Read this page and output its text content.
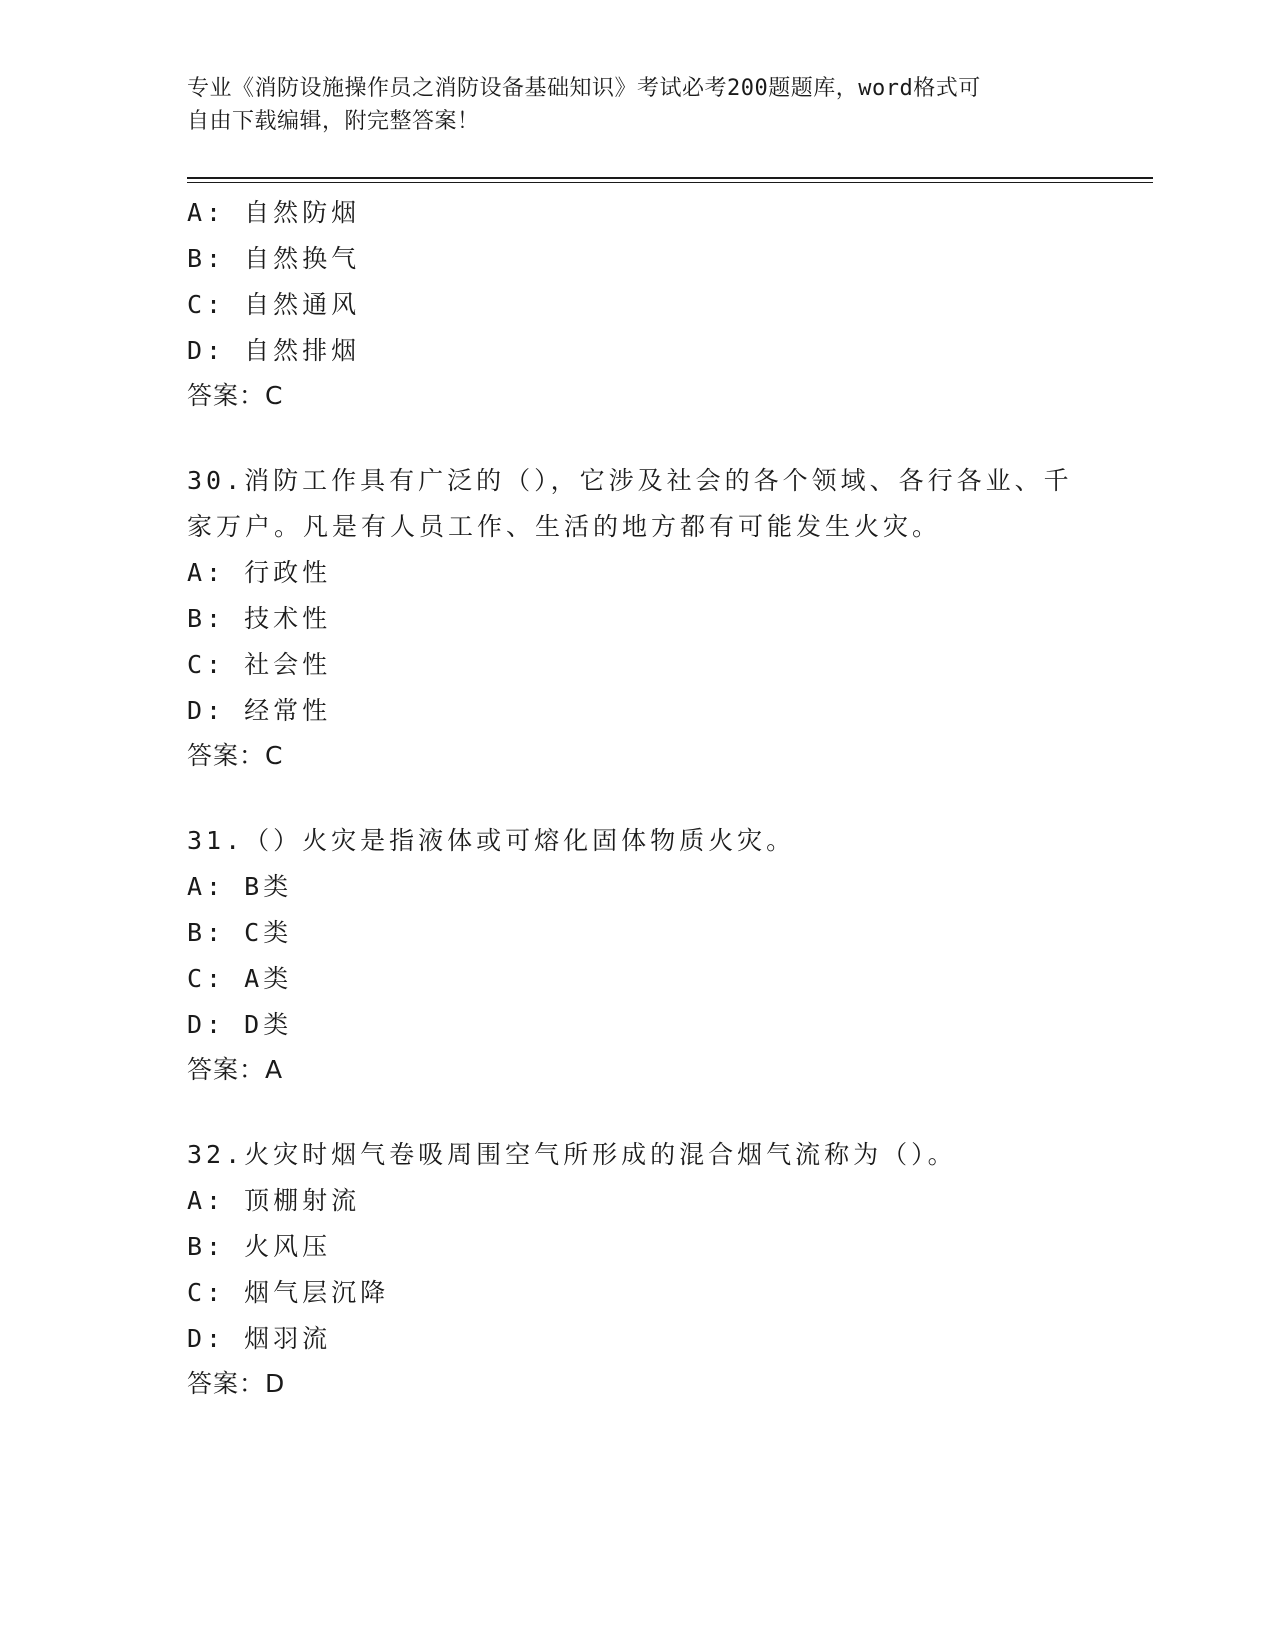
专业《消防设施操作员之消防设备基础知识》考试必考200题题库，word格式可
自由下载编辑，附完整答案！
A: 自然防烟
B: 自然换气
C: 自然通风
D: 自然排烟
答案：C
30.消防工作具有广泛的（），它涉及社会的各个领域、各行各业、千
家万户。凡是有人员工作、生活的地方都有可能发生火灾。
A: 行政性
B: 技术性
C: 社会性
D: 经常性
答案：C
31.（）火灾是指液体或可熔化固体物质火灾。
A: B类
B: C类
C: A类
D: D类
答案：A
32.火灾时烟气卷吸周围空气所形成的混合烟气流称为（）。
A: 顶棚射流
B: 火风压
C: 烟气层沉降
D: 烟羽流
答案：D
